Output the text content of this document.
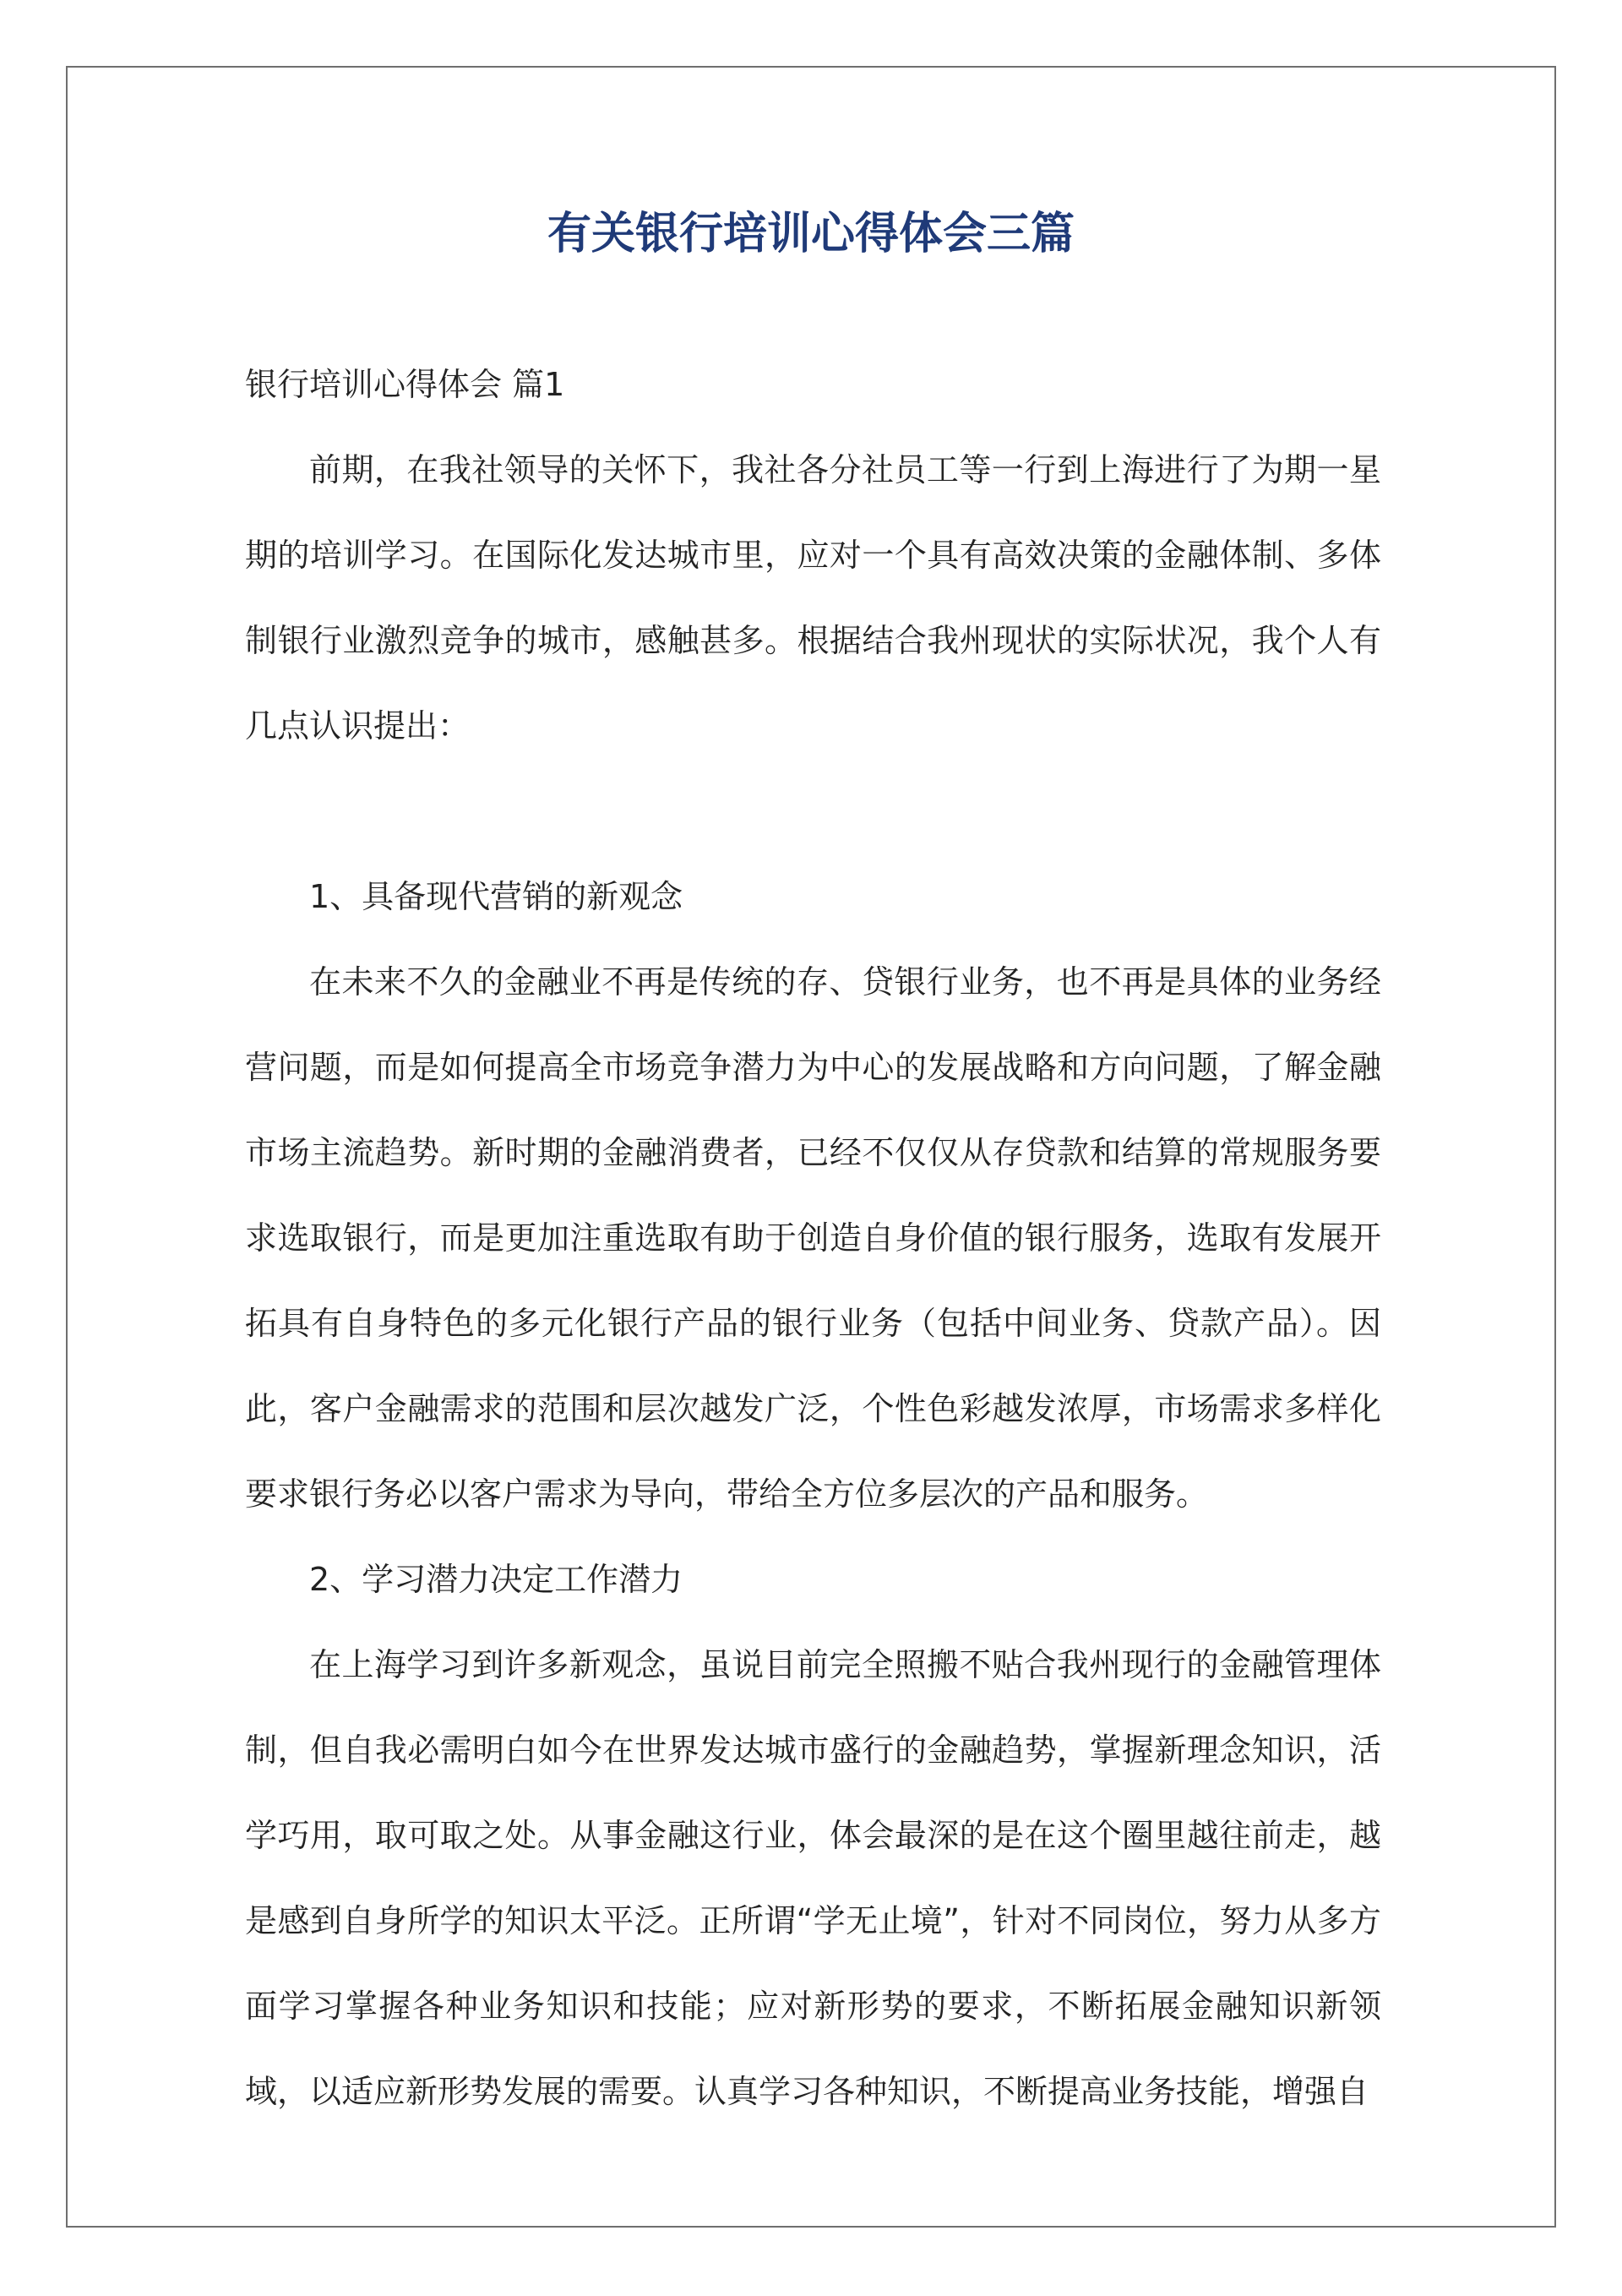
有关银行培训心得体会三篇

银行培训心得体会 篇1

前期，在我社领导的关怀下，我社各分社员工等一行到上海进行了为期一星期的培训学习。在国际化发达城市里，应对一个具有高效决策的金融体制、多体制银行业激烈竞争的城市，感触甚多。根据结合我州现状的实际状况，我个人有几点认识提出：

1、具备现代营销的新观念

在未来不久的金融业不再是传统的存、贷银行业务，也不再是具体的业务经营问题，而是如何提高全市场竞争潜力为中心的发展战略和方向问题，了解金融市场主流趋势。新时期的金融消费者，已经不仅仅从存贷款和结算的常规服务要求选取银行，而是更加注重选取有助于创造自身价值的银行服务，选取有发展开拓具有自身特色的多元化银行产品的银行业务（包括中间业务、贷款产品）。因此，客户金融需求的范围和层次越发广泛，个性色彩越发浓厚，市场需求多样化要求银行务必以客户需求为导向，带给全方位多层次的产品和服务。

2、学习潜力决定工作潜力

在上海学习到许多新观念，虽说目前完全照搬不贴合我州现行的金融管理体制，但自我必需明白如今在世界发达城市盛行的金融趋势，掌握新理念知识，活学巧用，取可取之处。从事金融这行业，体会最深的是在这个圈里越往前走，越是感到自身所学的知识太平泛。正所谓“学无止境”，针对不同岗位，努力从多方面学习掌握各种业务知识和技能；应对新形势的要求，不断拓展金融知识新领域，以适应新形势发展的需要。认真学习各种知识，不断提高业务技能，增强自
